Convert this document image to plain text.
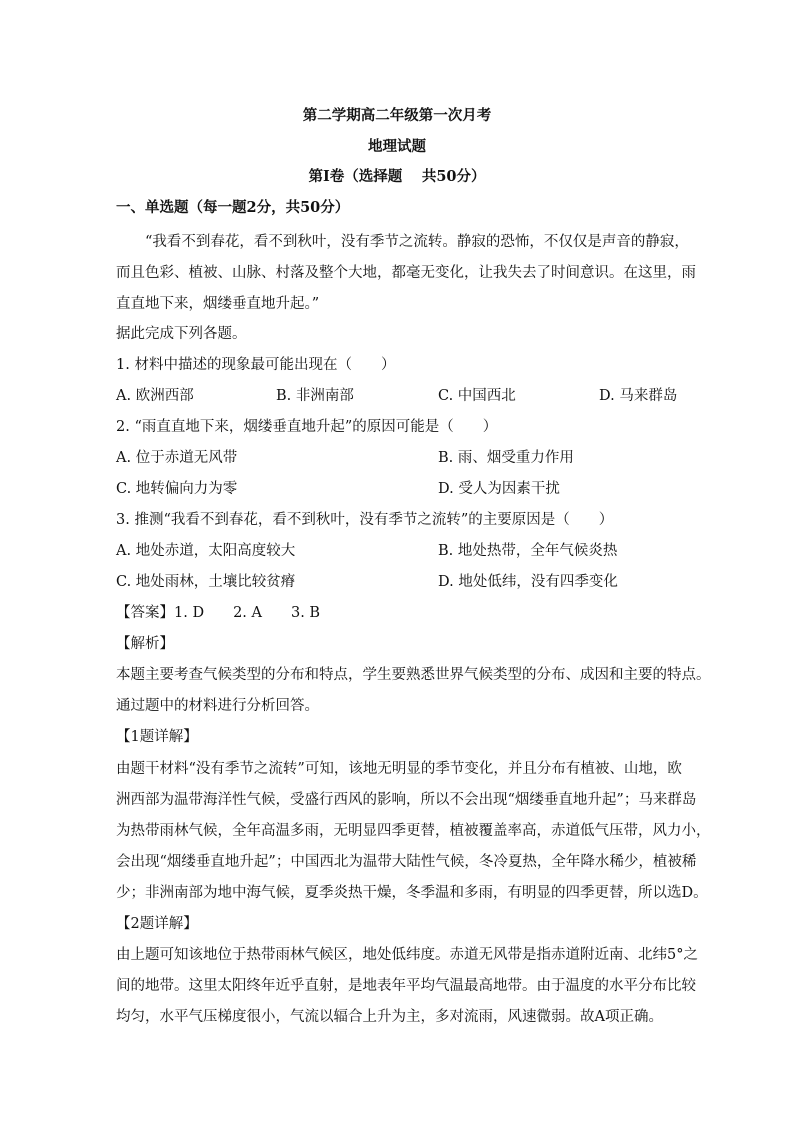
第二学期高二年级第一次月考
地理试题
第Ⅰ卷（选择题　 共50分）
一、单选题（每一题2分，共50分）
“我看不到春花，看不到秋叶，没有季节之流转。静寂的恐怖，不仅仅是声音的静寂，
而且色彩、植被、山脉、村落及整个大地，都毫无变化，让我失去了时间意识。在这里，雨
直直地下来，烟缕垂直地升起。”
据此完成下列各题。
1. 材料中描述的现象最可能出现在（　　）
A. 欧洲西部	B. 非洲南部	C. 中国西北	D. 马来群岛
2. “雨直直地下来，烟缕垂直地升起”的原因可能是（　　）
A. 位于赤道无风带	B. 雨、烟受重力作用
C. 地转偏向力为零	D. 受人为因素干扰
3. 推测“我看不到春花，看不到秋叶，没有季节之流转”的主要原因是（　　）
A. 地处赤道，太阳高度较大	B. 地处热带，全年气候炎热
C. 地处雨林，土壤比较贫瘠	D. 地处低纬，没有四季变化
【答案】1. D　　2. A　　3. B
【解析】
本题主要考查气候类型的分布和特点，学生要熟悉世界气候类型的分布、成因和主要的特点。
通过题中的材料进行分析回答。
【1题详解】
由题干材料“没有季节之流转”可知，该地无明显的季节变化，并且分布有植被、山地，欧
洲西部为温带海洋性气候，受盛行西风的影响，所以不会出现“烟缕垂直地升起”；马来群岛
为热带雨林气候，全年高温多雨，无明显四季更替，植被覆盖率高，赤道低气压带，风力小，
会出现“烟缕垂直地升起”；中国西北为温带大陆性气候，冬冷夏热，全年降水稀少，植被稀
少；非洲南部为地中海气候，夏季炎热干燥，冬季温和多雨，有明显的四季更替，所以选D。
【2题详解】
由上题可知该地位于热带雨林气候区，地处低纬度。赤道无风带是指赤道附近南、北纬5°之
间的地带。这里太阳终年近乎直射，是地表年平均气温最高地带。由于温度的水平分布比较
均匀，水平气压梯度很小，气流以辐合上升为主，多对流雨，风速微弱。故A项正确。
